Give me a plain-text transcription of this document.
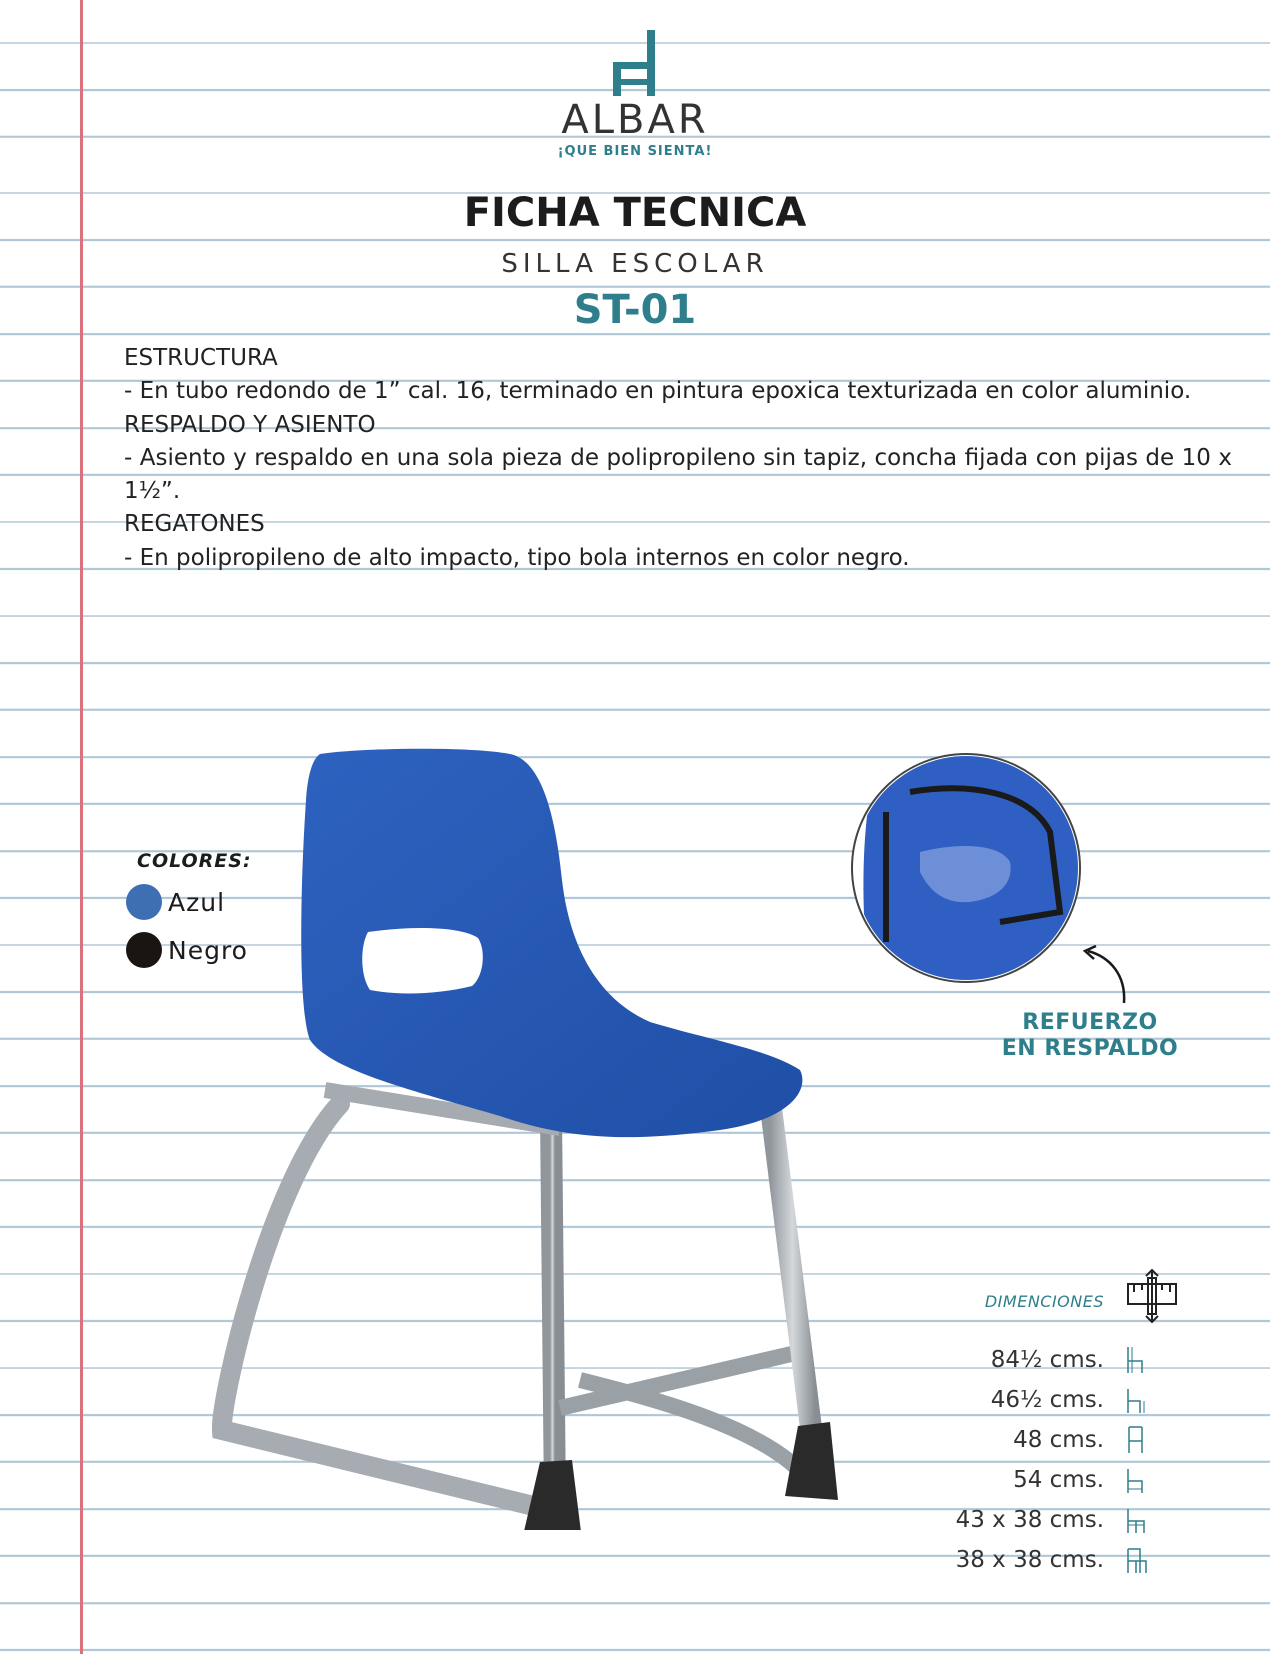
ALBAR
¡QUE BIEN SIENTA!
FICHA TECNICA
SILLA ESCOLAR
ST-01

ESTRUCTURA

- En tubo redondo de 1” cal. 16, terminado en pintura epoxica texturizada en color aluminio.

RESPALDO Y ASIENTO

- Asiento y respaldo en una sola pieza de polipropileno sin tapiz, concha fijada con pijas de 10 x 1½”.

REGATONES

- En polipropileno de alto impacto, tipo bola internos en color negro.

COLORES:
Azul
Negro
REFUERZO
EN RESPALDO
DIMENCIONES
84½ cms.
46½ cms.
48 cms.
54 cms.
43 x 38 cms.
38 x 38 cms.
